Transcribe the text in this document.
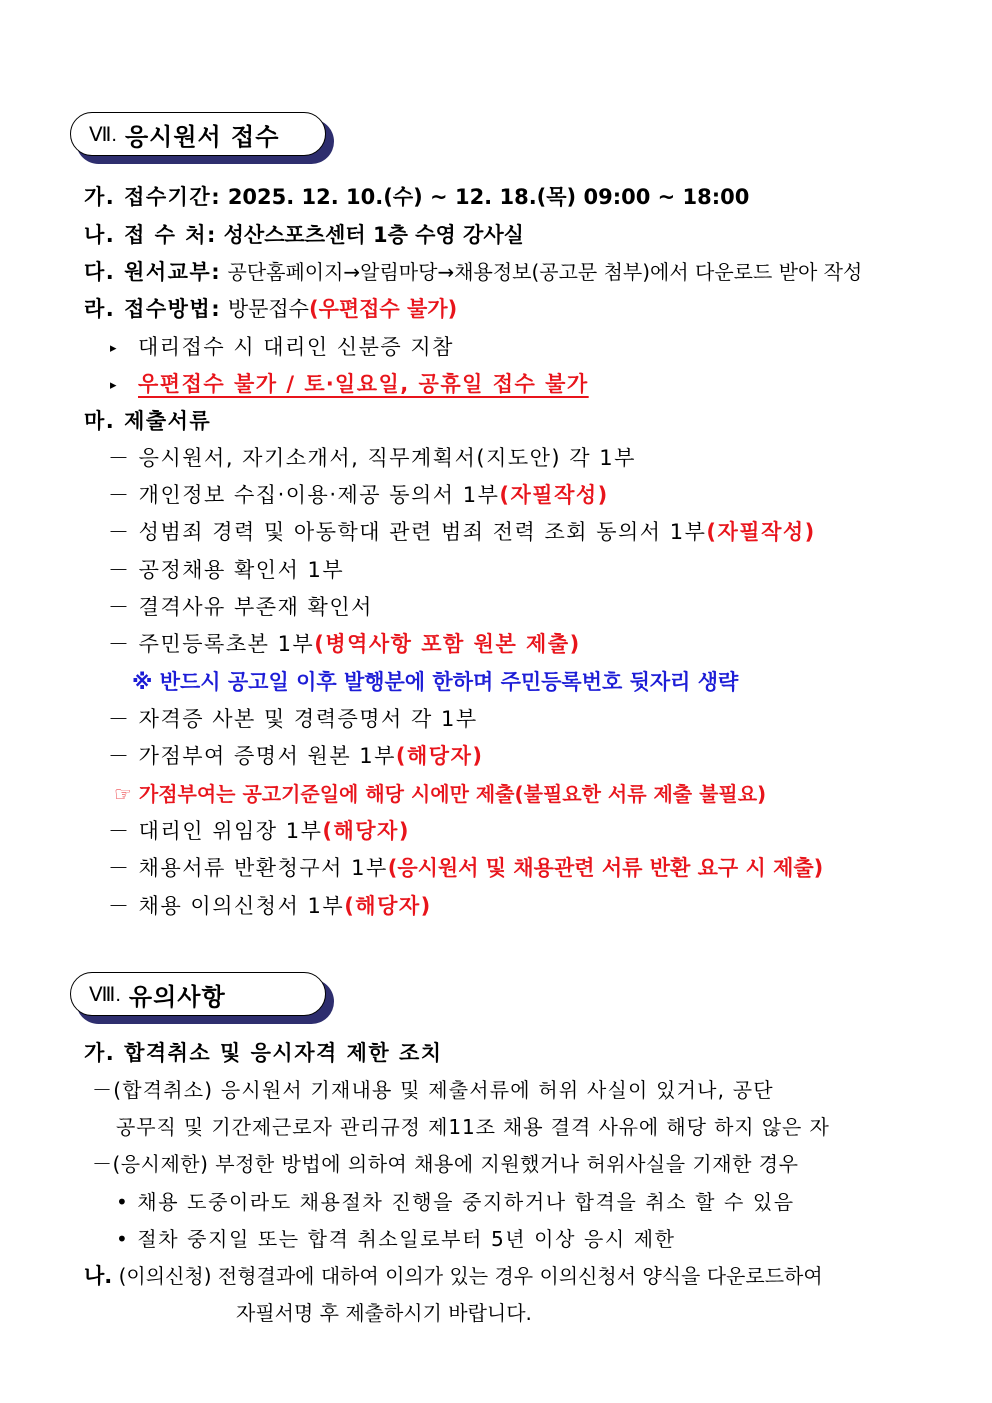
Ⅶ. 응시원서 접수
가. 접수기간: 2025. 12. 10.(수) ~ 12. 18.(목) 09:00 ~ 18:00
나. 접 수 처: 성산스포츠센터 1층 수영 강사실
다. 원서교부: 공단홈페이지→알림마당→채용정보(공고문 첨부)에서 다운로드 받아 작성
라. 접수방법: 방문접수(우편접수 불가)
▸ 대리접수 시 대리인 신분증 지참
▸ 우편접수 불가 / 토‧일요일, 공휴일 접수 불가
마. 제출서류
－ 응시원서, 자기소개서, 직무계획서(지도안) 각 1부
－ 개인정보 수집‧이용‧제공 동의서 1부(자필작성)
－ 성범죄 경력 및 아동학대 관련 범죄 전력 조회 동의서 1부(자필작성)
－ 공정채용 확인서 1부
－ 결격사유 부존재 확인서
－ 주민등록초본 1부(병역사항 포함 원본 제출)
※ 반드시 공고일 이후 발행분에 한하며 주민등록번호 뒷자리 생략
－ 자격증 사본 및 경력증명서 각 1부
－ 가점부여 증명서 원본 1부(해당자)
☞ 가점부여는 공고기준일에 해당 시에만 제출(불필요한 서류 제출 불필요)
－ 대리인 위임장 1부(해당자)
－ 채용서류 반환청구서 1부(응시원서 및 채용관련 서류 반환 요구 시 제출)
－ 채용 이의신청서 1부(해당자)
Ⅷ. 유의사항
가. 합격취소 및 응시자격 제한 조치
－(합격취소) 응시원서 기재내용 및 제출서류에 허위 사실이 있거나, 공단
공무직 및 기간제근로자 관리규정 제11조 채용 결격 사유에 해당 하지 않은 자
－(응시제한) 부정한 방법에 의하여 채용에 지원했거나 허위사실을 기재한 경우
• 채용 도중이라도 채용절차 진행을 중지하거나 합격을 취소 할 수 있음
• 절차 중지일 또는 합격 취소일로부터 5년 이상 응시 제한
나. (이의신청) 전형결과에 대하여 이의가 있는 경우 이의신청서 양식을 다운로드하여
자필서명 후 제출하시기 바랍니다.
